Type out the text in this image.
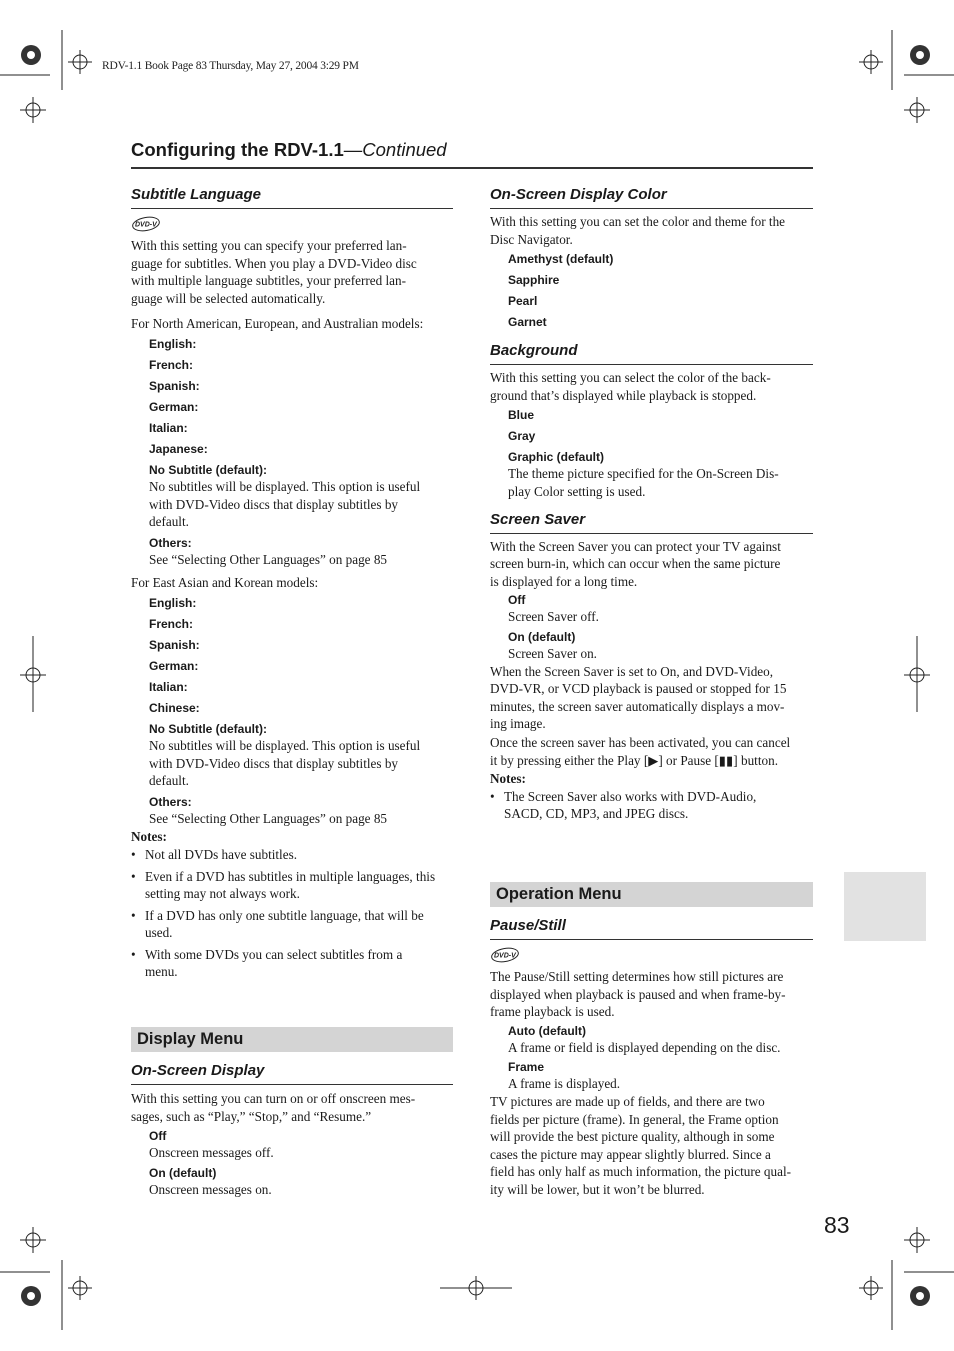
RDV-1.1 Book Page 83 Thursday, May 27, 2004 3:29 PM
Configuring the RDV-1.1—Continued
83
Subtitle Language
DVD-V
With this setting you can specify your preferred lan-
guage for subtitles. When you play a DVD-Video disc
with multiple language subtitles, your preferred lan-
guage will be selected automatically.
For North American, European, and Australian models:
English:
French:
Spanish:
German:
Italian:
Japanese:
No Subtitle (default):
No subtitles will be displayed. This option is useful
with DVD-Video discs that display subtitles by
default.
Others:
See “Selecting Other Languages” on page 85
For East Asian and Korean models:
English:
French:
Spanish:
German:
Italian:
Chinese:
No Subtitle (default):
No subtitles will be displayed. This option is useful
with DVD-Video discs that display subtitles by
default.
Others:
See “Selecting Other Languages” on page 85
Notes:
• Not all DVDs have subtitles.
• Even if a DVD has subtitles in multiple languages, this
setting may not always work.
• If a DVD has only one subtitle language, that will be
used.
• With some DVDs you can select subtitles from a
menu.
Display Menu
On-Screen Display
With this setting you can turn on or off onscreen mes-
sages, such as “Play,” “Stop,” and “Resume.”
Off
Onscreen messages off.
On (default)
Onscreen messages on.
On-Screen Display Color
With this setting you can set the color and theme for the
Disc Navigator.
Amethyst (default)
Sapphire
Pearl
Garnet
Background
With this setting you can select the color of the back-
ground that’s displayed while playback is stopped.
Blue
Gray
Graphic (default)
The theme picture specified for the On-Screen Dis-
play Color setting is used.
Screen Saver
With the Screen Saver you can protect your TV against
screen burn-in, which can occur when the same picture
is displayed for a long time.
Off
Screen Saver off.
On (default)
Screen Saver on.
When the Screen Saver is set to On, and DVD-Video,
DVD-VR, or VCD playback is paused or stopped for 15
minutes, the screen saver automatically displays a mov-
ing image.
Once the screen saver has been activated, you can cancel
it by pressing either the Play [▶] or Pause [▮▮] button.
Notes:
• The Screen Saver also works with DVD-Audio,
SACD, CD, MP3, and JPEG discs.
Operation Menu
Pause/Still
DVD-V
The Pause/Still setting determines how still pictures are
displayed when playback is paused and when frame-by-
frame playback is used.
Auto (default)
A frame or field is displayed depending on the disc.
Frame
A frame is displayed.
TV pictures are made up of fields, and there are two
fields per picture (frame). In general, the Frame option
will provide the best picture quality, although in some
cases the picture may appear slightly blurred. Since a
field has only half as much information, the picture qual-
ity will be lower, but it won’t be blurred.
